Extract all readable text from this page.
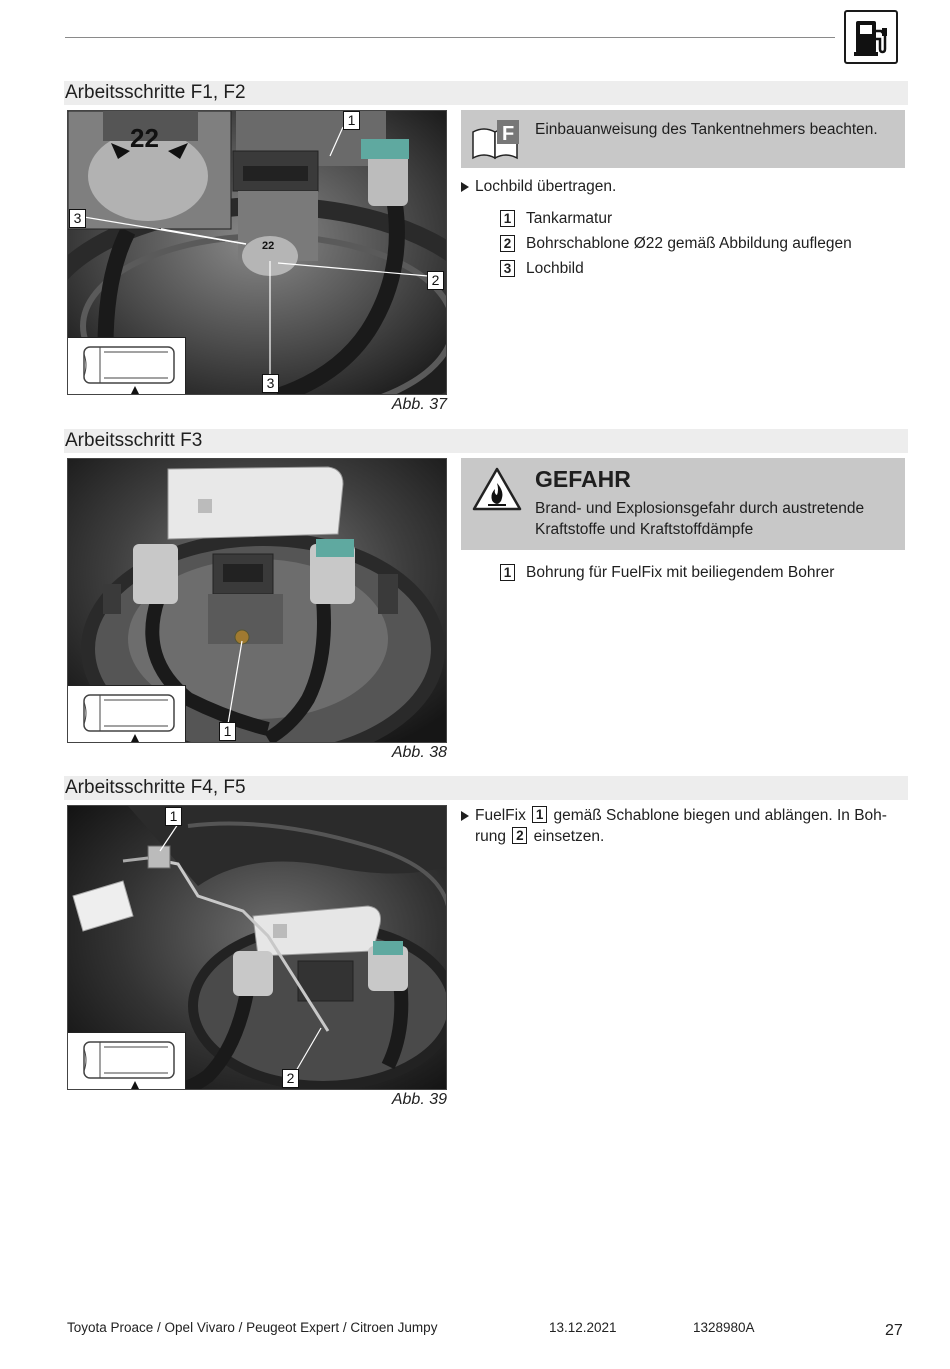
Arbeitsschritte F1, F2
22
22
1
2
3
3
Abb. 37
F Einbauanweisung des Tankentnehmers beachten.
Lochbild übertragen.
1 Tankarmatur
2 Bohrschablone Ø22 gemäß Abbildung auflegen
3 Lochbild
Arbeitsschritt F3
1
Abb. 38
GEFAHR
Brand- und Explosionsgefahr durch austretende Kraftstoffe und Kraftstoffdämpfe
1 Bohrung für FuelFix mit beiliegendem Bohrer
Arbeitsschritte F4, F5
1
2
Abb. 39
FuelFix 1 gemäß Schablone biegen und ablängen. In Boh-
rung 2 einsetzen.
Toyota Proace / Opel Vivaro / Peugeot Expert / Citroen Jumpy	13.12.2021	1328980A	27
